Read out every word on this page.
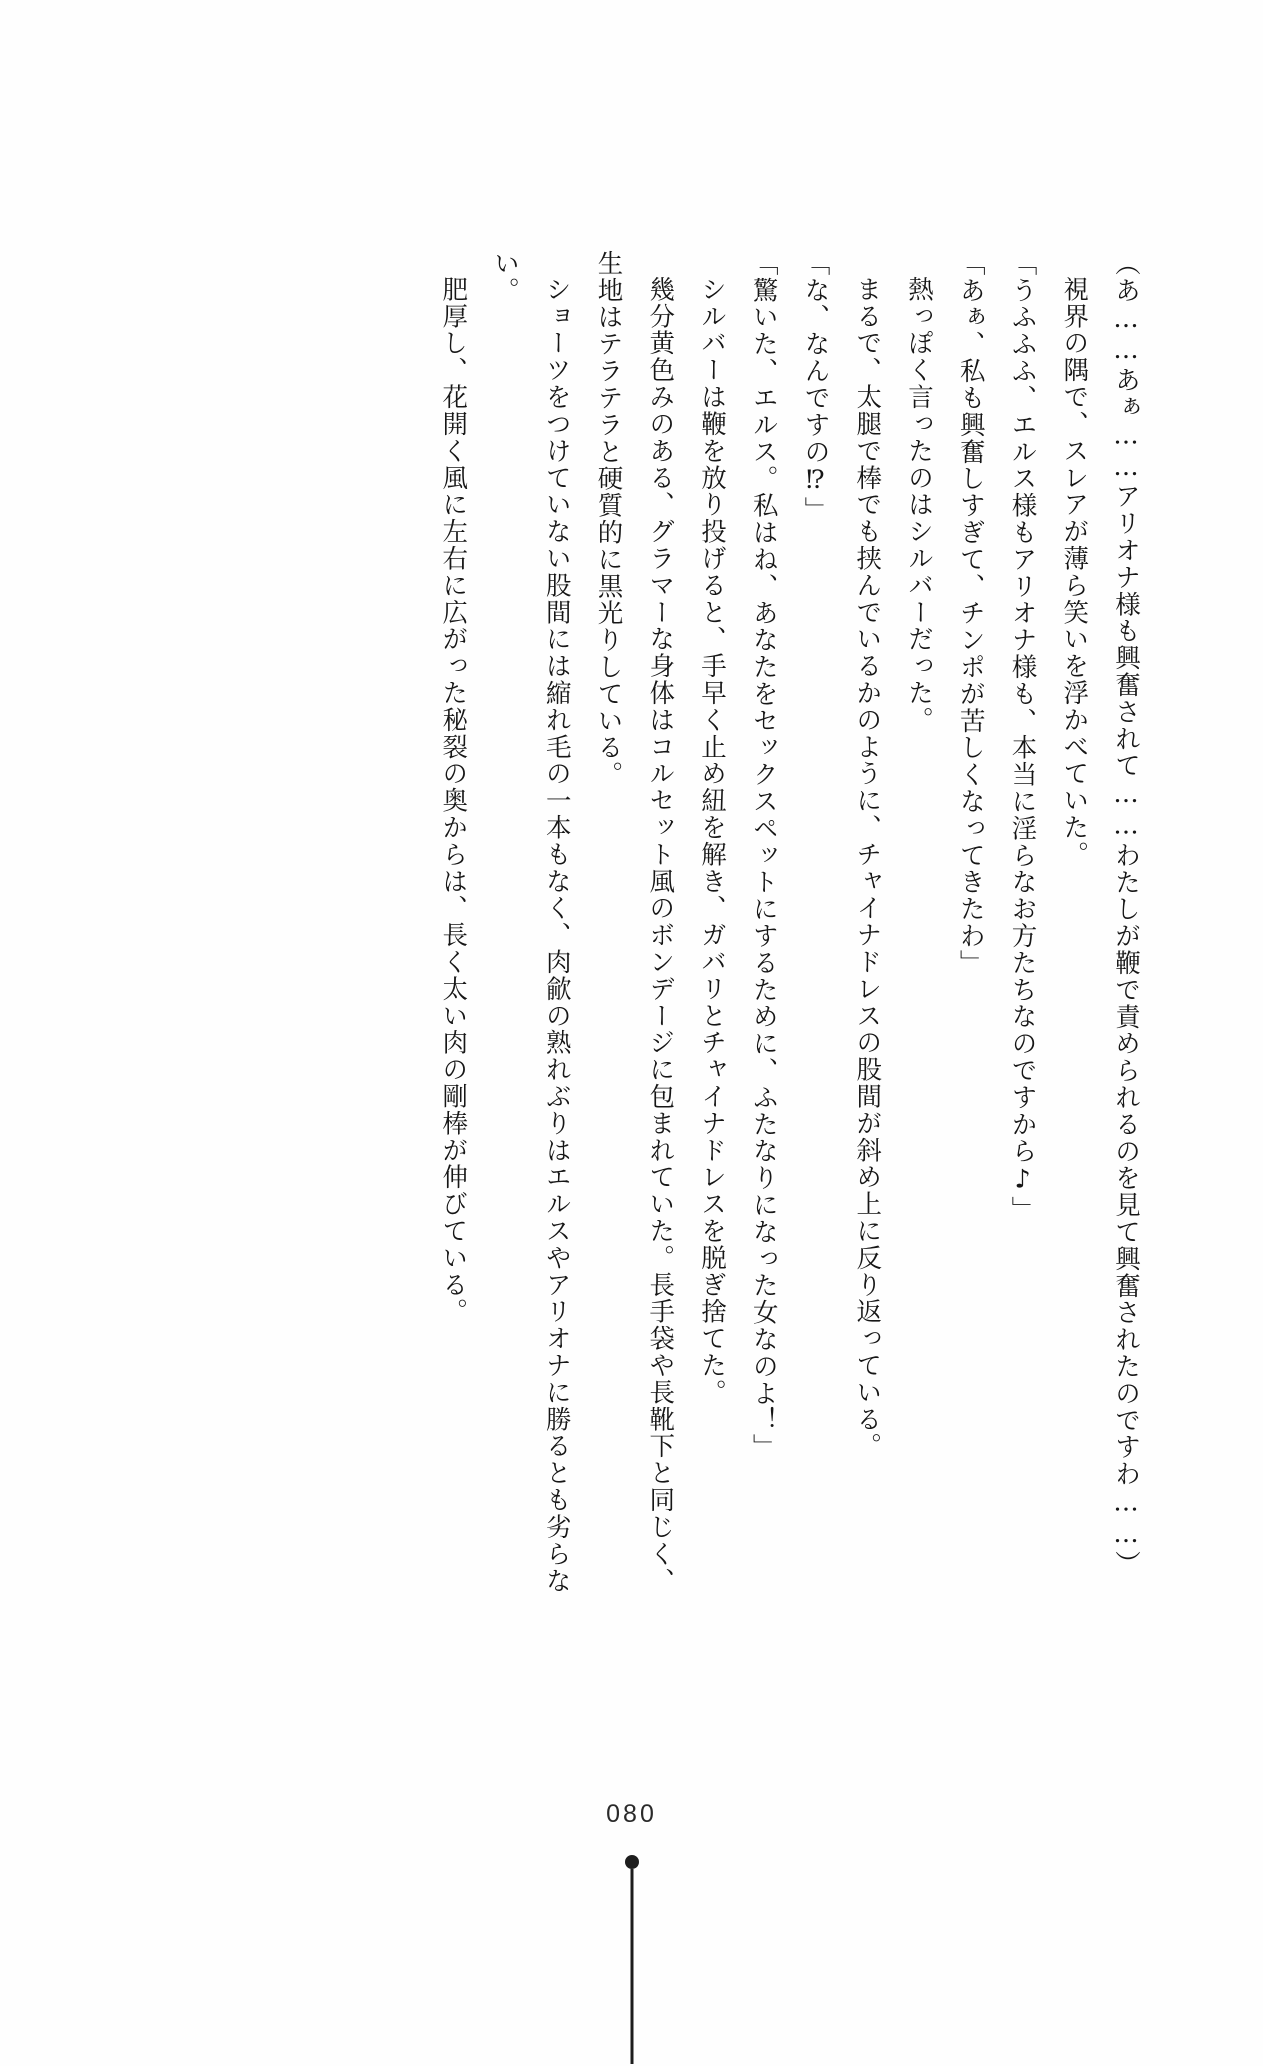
（あ……あぁ……アリオナ様も興奮されて……わたしが鞭で責められるのを見て興奮されたのですわ……）

視界の隅で、スレアが薄ら笑いを浮かべていた。

「うふふふ、エルス様もアリオナ様も、本当に淫らなお方たちなのですから♪」

「あぁ、私も興奮しすぎて、チンポが苦しくなってきたわ」

熱っぽく言ったのはシルバーだった。

まるで、太腿で棒でも挟んでいるかのように、チャイナドレスの股間が斜め上に反り返っている。

「な、なんですの⁉」

「驚いた、エルス。私はね、あなたをセックスペットにするために、ふたなりになった女なのよ！」

シルバーは鞭を放り投げると、手早く止め紐を解き、ガバリとチャイナドレスを脱ぎ捨てた。

幾分黄色みのある、グラマーな身体はコルセット風のボンデージに包まれていた。長手袋や長靴下と同じく、生地はテラテラと硬質的に黒光りしている。

ショーツをつけていない股間には縮れ毛の一本もなく、肉歈の熟れぶりはエルスやアリオナに勝るとも劣らない。

肥厚し、花開く風に左右に広がった秘裂の奥からは、長く太い肉の剛棒が伸びている。

080
